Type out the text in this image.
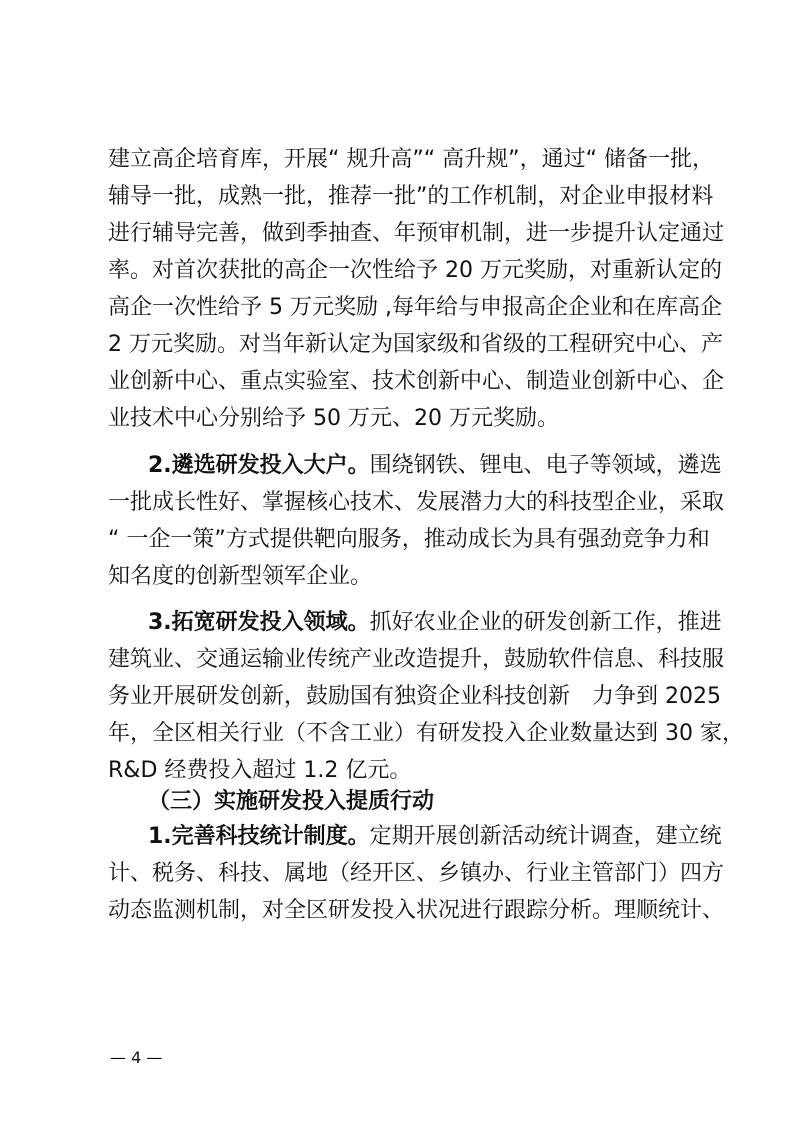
建立高企培育库，开展“ 规升高”“ 高升规”，通过“ 储备一批，
辅导一批，成熟一批，推荐一批”的工作机制，对企业申报材料
进行辅导完善，做到季抽查、年预审机制，进一步提升认定通过
率。对首次获批的高企一次性给予 20 万元奖励，对重新认定的
高企一次性给予 5 万元奖励 ,每年给与申报高企企业和在库高企
2 万元奖励。对当年新认定为国家级和省级的工程研究中心、产
业创新中心、重点实验室、技术创新中心、制造业创新中心、企
业技术中心分别给予 50 万元、20 万元奖励。
2.遴选研发投入大户。围绕钢铁、锂电、电子等领域，遴选
一批成长性好、掌握核心技术、发展潜力大的科技型企业，采取
“ 一企一策”方式提供靶向服务，推动成长为具有强劲竞争力和
知名度的创新型领军企业。
3.拓宽研发投入领域。抓好农业企业的研发创新工作，推进
建筑业、交通运输业传统产业改造提升，鼓励软件信息、科技服
务业开展研发创新，鼓励国有独资企业科技创新　力争到 2025
年，全区相关行业（不含工业）有研发投入企业数量达到 30 家，
R&D 经费投入超过 1.2 亿元。
（三）实施研发投入提质行动
1.完善科技统计制度。定期开展创新活动统计调查，建立统
计、税务、科技、属地（经开区、乡镇办、行业主管部门）四方
动态监测机制，对全区研发投入状况进行跟踪分析。理顺统计、
— 4 —
